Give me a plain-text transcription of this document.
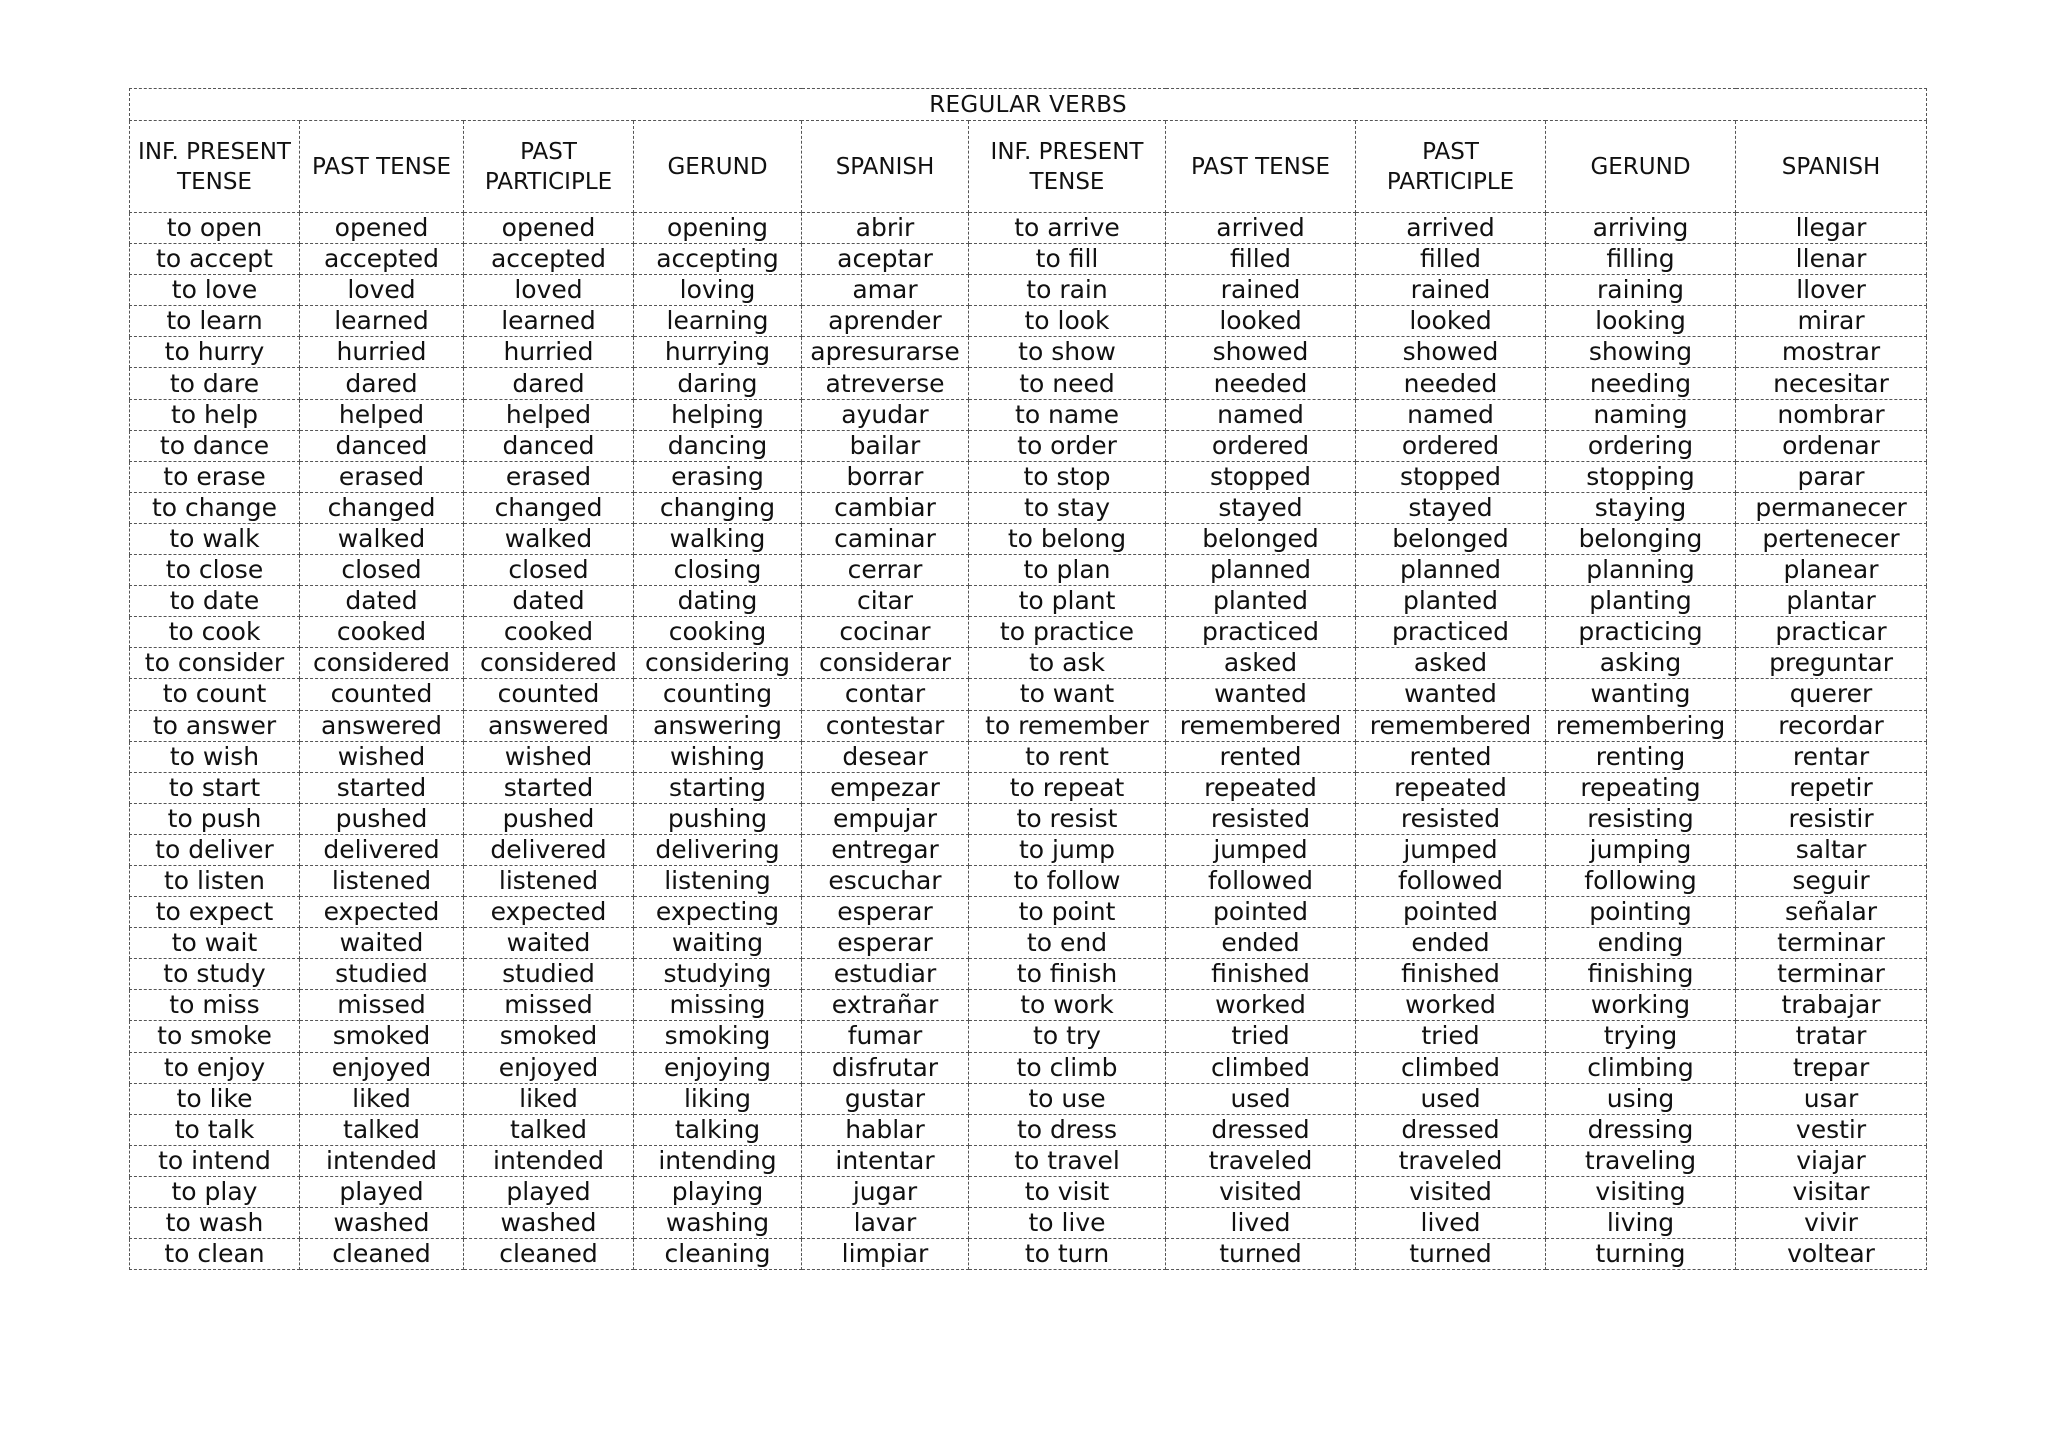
REGULAR VERBS									
INF. PRESENT TENSE	PAST TENSE	PAST PARTICIPLE	GERUND	SPANISH	INF. PRESENT TENSE	PAST TENSE	PAST PARTICIPLE	GERUND	SPANISH
to open	opened	opened	opening	abrir	to arrive	arrived	arrived	arriving	llegar
to accept	accepted	accepted	accepting	aceptar	to fill	filled	filled	filling	llenar
to love	loved	loved	loving	amar	to rain	rained	rained	raining	llover
to learn	learned	learned	learning	aprender	to look	looked	looked	looking	mirar
to hurry	hurried	hurried	hurrying	apresurarse	to show	showed	showed	showing	mostrar
to dare	dared	dared	daring	atreverse	to need	needed	needed	needing	necesitar
to help	helped	helped	helping	ayudar	to name	named	named	naming	nombrar
to dance	danced	danced	dancing	bailar	to order	ordered	ordered	ordering	ordenar
to erase	erased	erased	erasing	borrar	to stop	stopped	stopped	stopping	parar
to change	changed	changed	changing	cambiar	to stay	stayed	stayed	staying	permanecer
to walk	walked	walked	walking	caminar	to belong	belonged	belonged	belonging	pertenecer
to close	closed	closed	closing	cerrar	to plan	planned	planned	planning	planear
to date	dated	dated	dating	citar	to plant	planted	planted	planting	plantar
to cook	cooked	cooked	cooking	cocinar	to practice	practiced	practiced	practicing	practicar
to consider	considered	considered	considering	considerar	to ask	asked	asked	asking	preguntar
to count	counted	counted	counting	contar	to want	wanted	wanted	wanting	querer
to answer	answered	answered	answering	contestar	to remember	remembered	remembered	remembering	recordar
to wish	wished	wished	wishing	desear	to rent	rented	rented	renting	rentar
to start	started	started	starting	empezar	to repeat	repeated	repeated	repeating	repetir
to push	pushed	pushed	pushing	empujar	to resist	resisted	resisted	resisting	resistir
to deliver	delivered	delivered	delivering	entregar	to jump	jumped	jumped	jumping	saltar
to listen	listened	listened	listening	escuchar	to follow	followed	followed	following	seguir
to expect	expected	expected	expecting	esperar	to point	pointed	pointed	pointing	señalar
to wait	waited	waited	waiting	esperar	to end	ended	ended	ending	terminar
to study	studied	studied	studying	estudiar	to finish	finished	finished	finishing	terminar
to miss	missed	missed	missing	extrañar	to work	worked	worked	working	trabajar
to smoke	smoked	smoked	smoking	fumar	to try	tried	tried	trying	tratar
to enjoy	enjoyed	enjoyed	enjoying	disfrutar	to climb	climbed	climbed	climbing	trepar
to like	liked	liked	liking	gustar	to use	used	used	using	usar
to talk	talked	talked	talking	hablar	to dress	dressed	dressed	dressing	vestir
to intend	intended	intended	intending	intentar	to travel	traveled	traveled	traveling	viajar
to play	played	played	playing	jugar	to visit	visited	visited	visiting	visitar
to wash	washed	washed	washing	lavar	to live	lived	lived	living	vivir
to clean	cleaned	cleaned	cleaning	limpiar	to turn	turned	turned	turning	voltear
